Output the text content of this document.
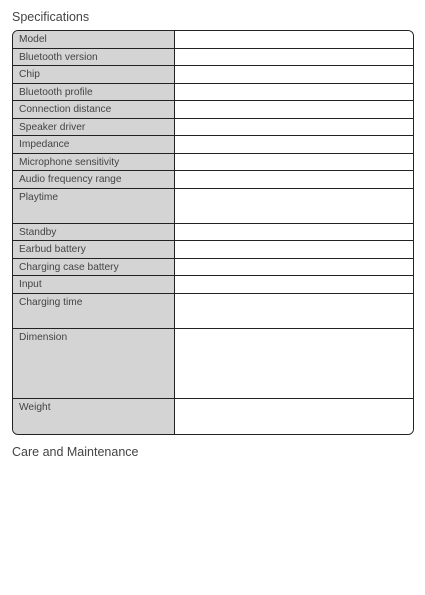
Specifications
Model
Bluetooth version
Chip
Bluetooth profile
Connection distance
Speaker driver
Impedance
Microphone sensitivity
Audio frequency range
Playtime
Standby
Earbud battery
Charging case battery
Input
Charging time
Dimension
Weight
Care and Maintenance
